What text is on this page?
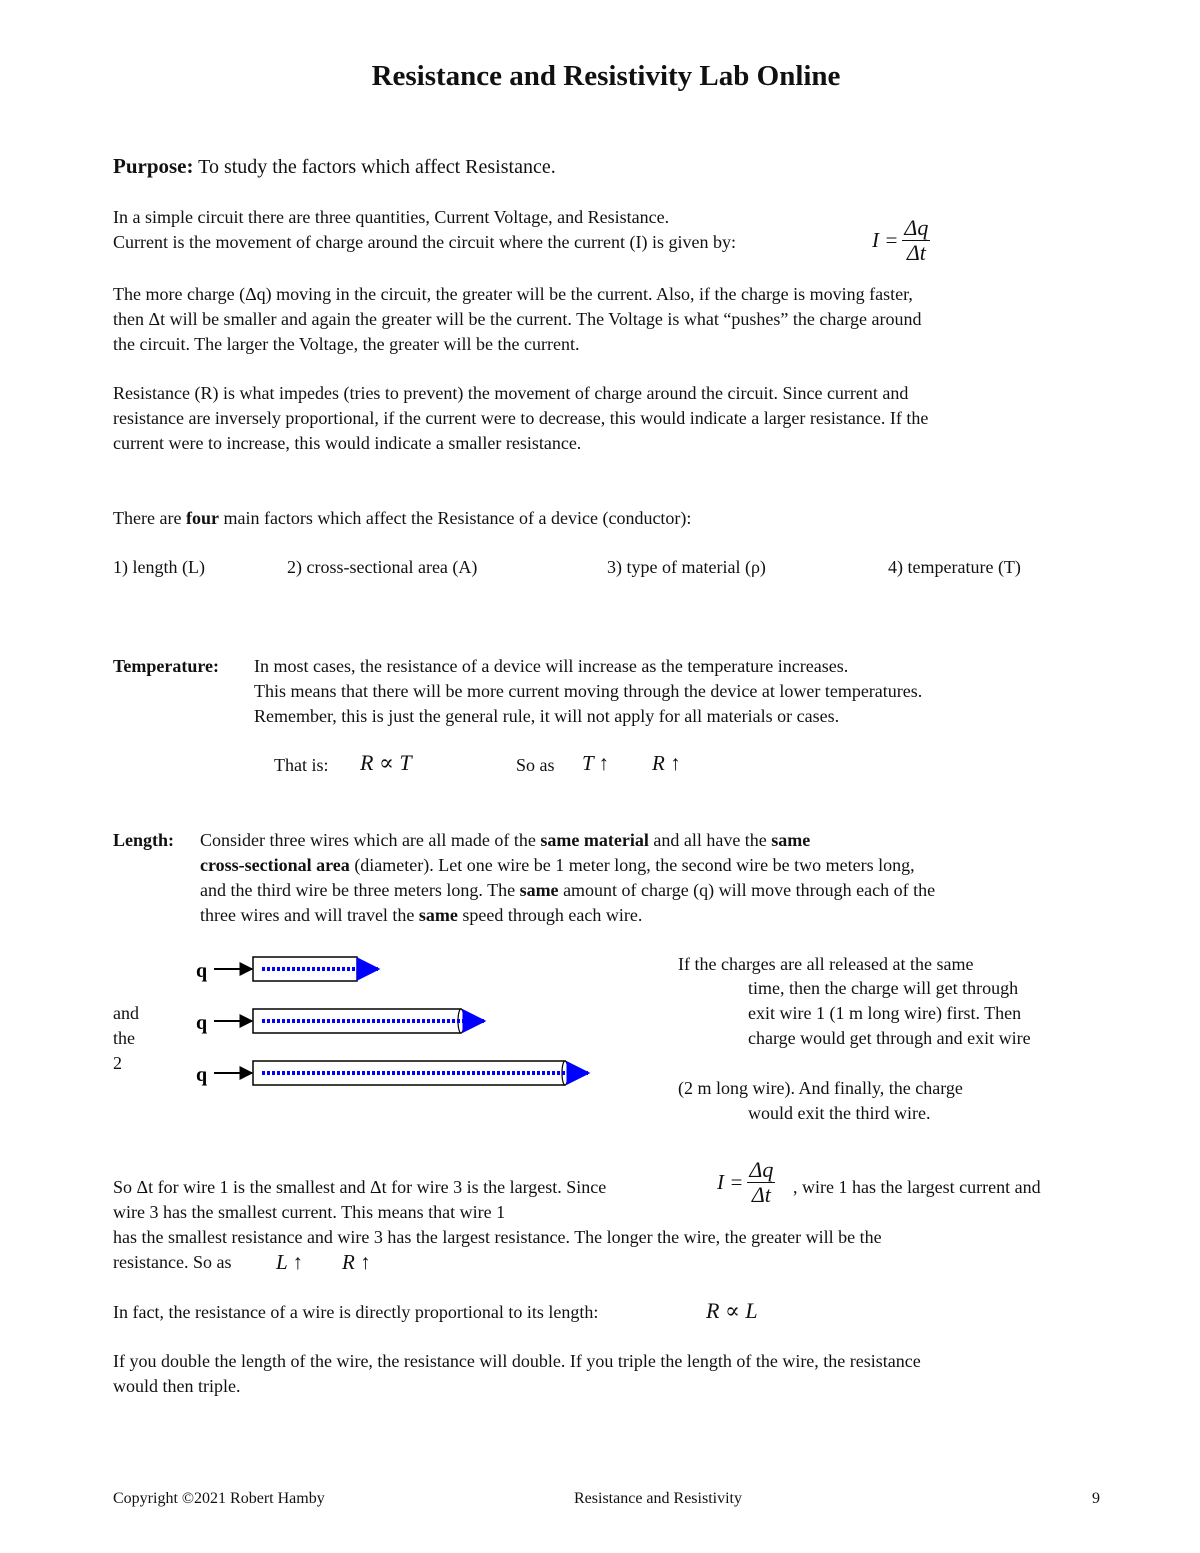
Resistance and Resistivity Lab Online
Purpose: To study the factors which affect Resistance.
In a simple circuit there are three quantities, Current Voltage, and Resistance.
Current is the movement of charge around the circuit where the current (I) is given by:	$I = \frac{\Delta q}{\Delta t}$
The more charge (Δq) moving in the circuit, the greater will be the current. Also, if the charge is moving faster,
then Δt will be smaller and again the greater will be the current. The Voltage is what “pushes” the charge around
the circuit. The larger the Voltage, the greater will be the current.
Resistance (R) is what impedes (tries to prevent) the movement of charge around the circuit. Since current and
resistance are inversely proportional, if the current were to decrease, this would indicate a larger resistance. If the
current were to increase, this would indicate a smaller resistance.
There are four main factors which affect the Resistance of a device (conductor):
1) length (L)	2) cross-sectional area (A)	3) type of material (ρ)	4) temperature (T)
Temperature: In most cases, the resistance of a device will increase as the temperature increases.
This means that there will be more current moving through the device at lower temperatures.
Remember, this is just the general rule, it will not apply for all materials or cases.
That is: R ∝ T	So as T ↑ R ↑
Length: Consider three wires which are all made of the same material and all have the same
cross-sectional area (diameter). Let one wire be 1 meter long, the second wire be two meters long,
and the third wire be three meters long. The same amount of charge (q) will move through each of the
three wires and will travel the same speed through each wire.
and
the
2
q
q
q
If the charges are all released at the same
time, then the charge will get through
exit wire 1 (1 m long wire) first. Then
charge would get through and exit wire
(2 m long wire). And finally, the charge
would exit the third wire.
So Δt for wire 1 is the smallest and Δt for wire 3 is the largest. Since	$I = \frac{\Delta q}{\Delta t}$ , wire 1 has the largest current and
wire 3 has the smallest current. This means that wire 1
has the smallest resistance and wire 3 has the largest resistance. The longer the wire, the greater will be the
resistance. So as L ↑ R ↑
In fact, the resistance of a wire is directly proportional to its length:	R ∝ L
If you double the length of the wire, the resistance will double. If you triple the length of the wire, the resistance
would then triple.
Copyright ©2021 Robert Hamby	Resistance and Resistivity	9
